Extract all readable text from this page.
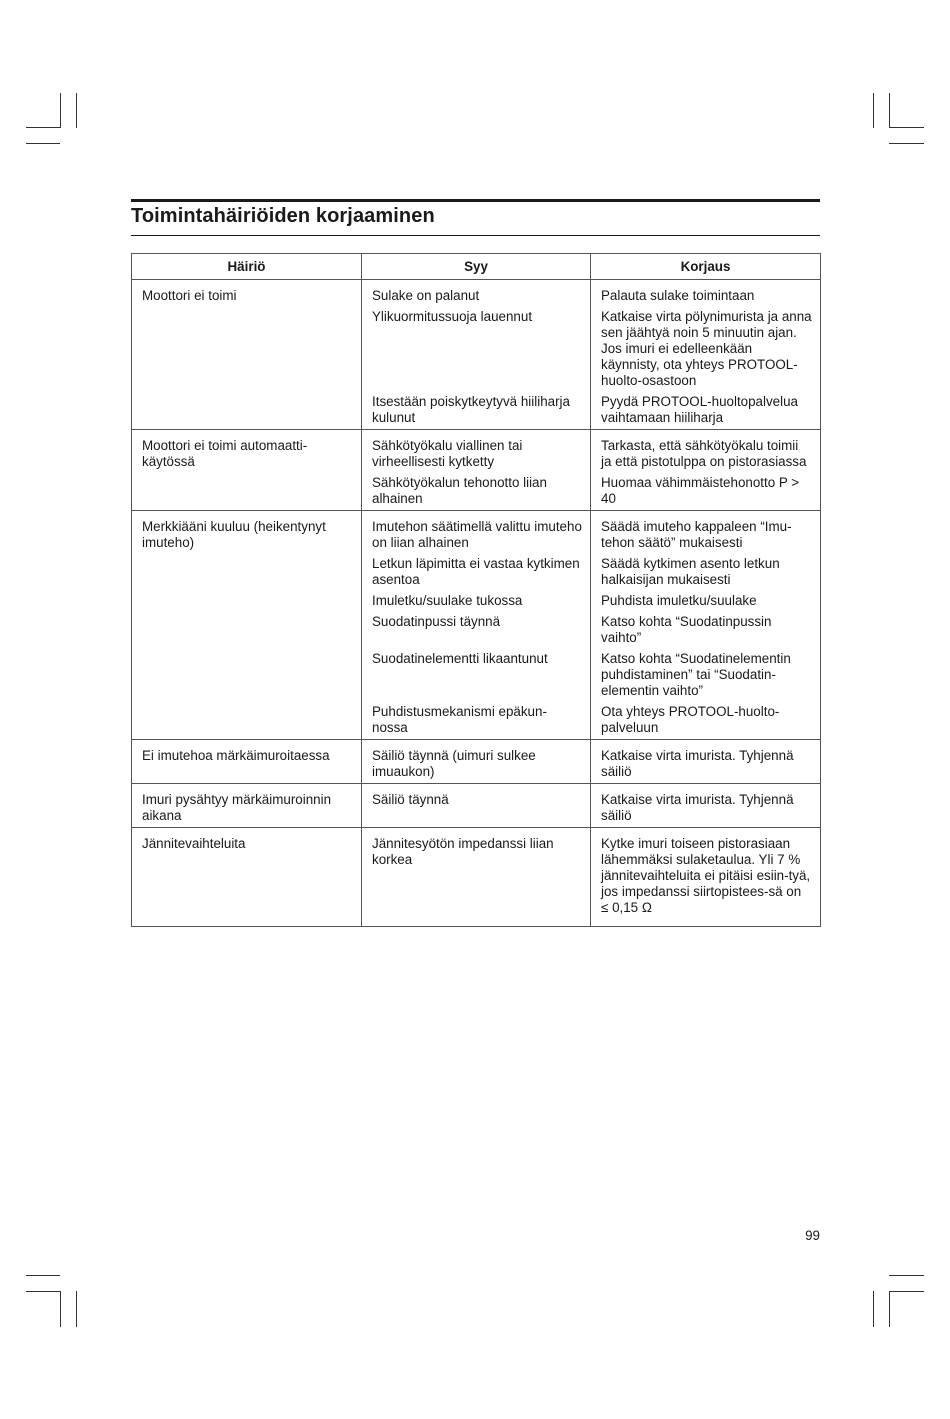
Toimintahäiriöiden korjaaminen
Häiriö	Syy	Korjaus
Moottori ei toimi	Sulake on palanut	Palauta sulake toimintaan
	Ylikuormitussuoja lauennut	Katkaise virta pölynimurista ja anna sen jäähtyä noin 5 minuutin ajan. Jos imuri ei edelleenkään käynnisty, ota yhteys PROTOOL-huolto-osastoon
	Itsestään poiskytkeytyvä hiiliharja kulunut	Pyydä PROTOOL-huoltopalvelua vaihtamaan hiiliharja
Moottori ei toimi automaatti-käytössä	Sähkötyökalu viallinen tai virheellisesti kytketty	Tarkasta, että sähkötyökalu toimii ja että pistotulppa on pistorasiassa
	Sähkötyökalun tehonotto liian alhainen	Huomaa vähimmäistehonotto P > 40
Merkkiääni kuuluu (heikentynyt imuteho)	Imutehon säätimellä valittu imuteho on liian alhainen	Säädä imuteho kappaleen “Imu-tehon säätö” mukaisesti
	Letkun läpimitta ei vastaa kytkimen asentoa	Säädä kytkimen asento letkun halkaisijan mukaisesti
	Imuletku/suulake tukossa	Puhdista imuletku/suulake
	Suodatinpussi täynnä	Katso kohta “Suodatinpussin vaihto”
	Suodatinelementti likaantunut	Katso kohta “Suodatinelementin puhdistaminen” tai “Suodatin-elementin vaihto”
	Puhdistusmekanismi epäkun-nossa	Ota yhteys PROTOOL-huolto-palveluun
Ei imutehoa märkäimuroitaessa	Säiliö täynnä (uimuri sulkee imuaukon)	Katkaise virta imurista. Tyhjennä säiliö
Imuri pysähtyy märkäimuroinnin aikana	Säiliö täynnä	Katkaise virta imurista. Tyhjennä säiliö
Jännitevaihteluita	Jännitesyötön impedanssi liian korkea	Kytke imuri toiseen pistorasiaan lähemmäksi sulaketaulua. Yli 7 % jännitevaihteluita ei pitäisi esiin-tyä, jos impedanssi siirtopistees-sä on ≤ 0,15 Ω
99
